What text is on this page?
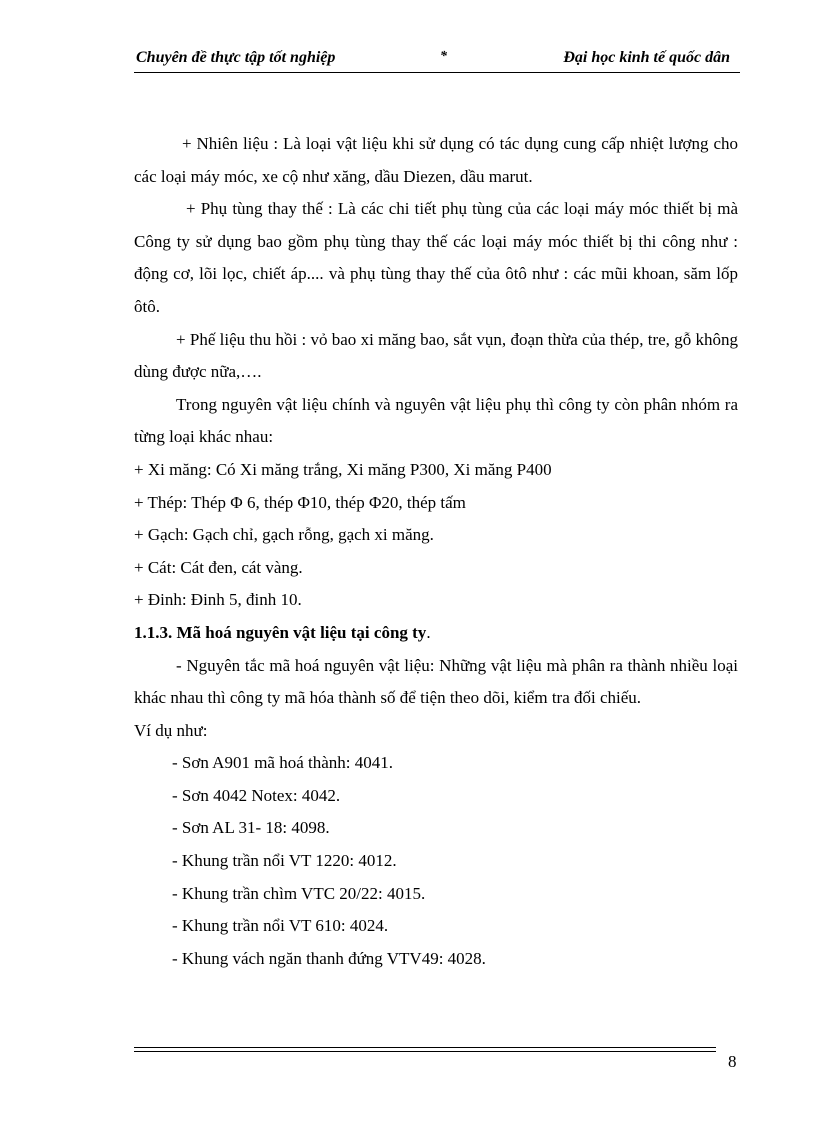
Chuyên đề thực tập tốt nghiệp	*	Đại học kinh tế quốc dân

+ Nhiên liệu : Là loại vật liệu khi sử dụng có tác dụng cung cấp nhiệt lượng cho các loại máy móc, xe cộ như xăng, dầu Diezen, dầu marut.

+ Phụ tùng thay thế : Là các chi tiết phụ tùng của các loại máy móc thiết bị mà Công ty sử dụng bao gồm phụ tùng thay thế các loại máy móc thiết bị thi công như : động cơ, lõi lọc, chiết áp.... và phụ tùng thay thế của ôtô như : các mũi khoan, săm lốp ôtô.

+ Phế liệu thu hồi : vỏ bao xi măng bao, sắt vụn, đoạn thừa của thép, tre, gỗ không dùng được nữa,….

Trong nguyên vật liệu chính và nguyên vật liệu phụ thì công ty còn phân nhóm ra từng loại khác nhau:

+ Xi măng: Có Xi măng trắng, Xi măng P300, Xi măng P400

+ Thép: Thép Φ 6, thép Φ10, thép Φ20, thép tấm

+ Gạch: Gạch chỉ, gạch rỗng, gạch xi măng.

+ Cát: Cát đen, cát vàng.

+ Đinh: Đinh 5, đinh 10.

1.1.3. Mã hoá nguyên vật liệu tại công ty.

- Nguyên tắc mã hoá nguyên vật liệu: Những vật liệu mà phân ra thành nhiều loại khác nhau thì công ty mã hóa thành số để tiện theo dõi, kiểm tra đối chiếu.

Ví dụ như:

- Sơn A901 mã hoá thành: 4041.

- Sơn 4042 Notex: 4042.

- Sơn AL 31- 18: 4098.

- Khung trần nổi VT 1220: 4012.

- Khung trần chìm VTC 20/22: 4015.

- Khung trần nổi VT 610: 4024.

- Khung vách ngăn thanh đứng VTV49: 4028.

8
